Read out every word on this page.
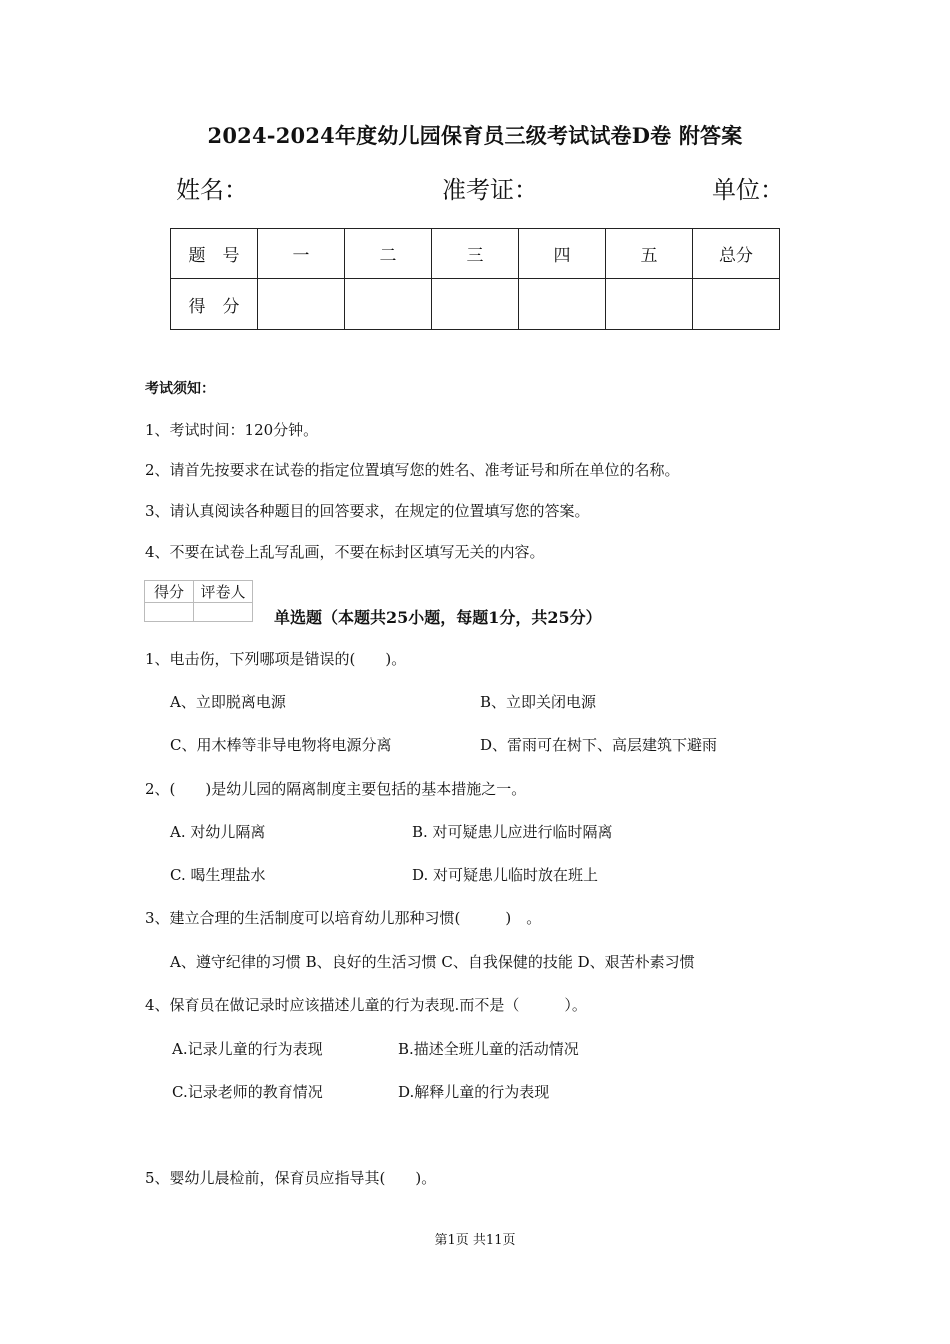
2024-2024年度幼儿园保育员三级考试试卷D卷 附答案
姓名：	准考证：	单位：
题　号	一	二	三	四	五	总分
得　分						
考试须知：
1、考试时间：120分钟。
2、请首先按要求在试卷的指定位置填写您的姓名、准考证号和所在单位的名称。
3、请认真阅读各种题目的回答要求，在规定的位置填写您的答案。
4、不要在试卷上乱写乱画，不要在标封区填写无关的内容。
得分	评卷人

单选题（本题共25小题，每题1分，共25分）
1、电击伤，下列哪项是错误的(　　)。
A、立即脱离电源	B、立即关闭电源
C、用木棒等非导电物将电源分离	D、雷雨可在树下、高层建筑下避雨
2、(　　)是幼儿园的隔离制度主要包括的基本措施之一。
A. 对幼儿隔离	B. 对可疑患儿应进行临时隔离
C. 喝生理盐水	D. 对可疑患儿临时放在班上
3、建立合理的生活制度可以培育幼儿那种习惯(　　　)　。
A、遵守纪律的习惯 B、良好的生活习惯 C、自我保健的技能 D、艰苦朴素习惯
4、保育员在做记录时应该描述儿童的行为表现.而不是（　　　）。
A.记录儿童的行为表现	B.描述全班儿童的活动情况
C.记录老师的教育情况	D.解释儿童的行为表现
5、婴幼儿晨检前，保育员应指导其(　　)。
第1页 共11页
